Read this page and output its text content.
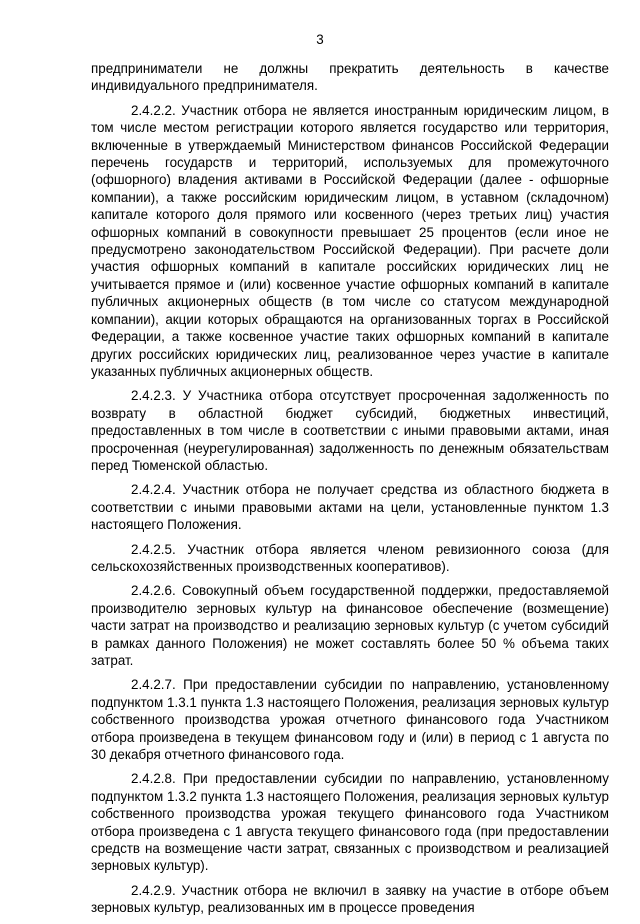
3

предприниматели не должны прекратить деятельность в качестве индивидуального предпринимателя.

2.4.2.2. Участник отбора не является иностранным юридическим лицом, в том числе местом регистрации которого является государство или территория, включенные в утверждаемый Министерством финансов Российской Федерации перечень государств и территорий, используемых для промежуточного (офшорного) владения активами в Российской Федерации (далее - офшорные компании), а также российским юридическим лицом, в уставном (складочном) капитале которого доля прямого или косвенного (через третьих лиц) участия офшорных компаний в совокупности превышает 25 процентов (если иное не предусмотрено законодательством Российской Федерации). При расчете доли участия офшорных компаний в капитале российских юридических лиц не учитывается прямое и (или) косвенное участие офшорных компаний в капитале публичных акционерных обществ (в том числе со статусом международной компании), акции которых обращаются на организованных торгах в Российской Федерации, а также косвенное участие таких офшорных компаний в капитале других российских юридических лиц, реализованное через участие в капитале указанных публичных акционерных обществ.

2.4.2.3. У Участника отбора отсутствует просроченная задолженность по возврату в областной бюджет субсидий, бюджетных инвестиций, предоставленных в том числе в соответствии с иными правовыми актами, иная просроченная (неурегулированная) задолженность по денежным обязательствам перед Тюменской областью.

2.4.2.4. Участник отбора не получает средства из областного бюджета в соответствии с иными правовыми актами на цели, установленные пунктом 1.3 настоящего Положения.

2.4.2.5. Участник отбора является членом ревизионного союза (для сельскохозяйственных производственных кооперативов).

2.4.2.6. Совокупный объем государственной поддержки, предоставляемой производителю зерновых культур на финансовое обеспечение (возмещение) части затрат на производство и реализацию зерновых культур (с учетом субсидий в рамках данного Положения) не может составлять более 50 % объема таких затрат.

2.4.2.7. При предоставлении субсидии по направлению, установленному подпунктом 1.3.1 пункта 1.3 настоящего Положения, реализация зерновых культур собственного производства урожая отчетного финансового года Участником отбора произведена в текущем финансовом году и (или) в период с 1 августа по 30 декабря отчетного финансового года.

2.4.2.8. При предоставлении субсидии по направлению, установленному подпунктом 1.3.2 пункта 1.3 настоящего Положения, реализация зерновых культур собственного производства урожая текущего финансового года Участником отбора произведена с 1 августа текущего финансового года (при предоставлении средств на возмещение части затрат, связанных с производством и реализацией зерновых культур).

2.4.2.9. Участник отбора не включил в заявку на участие в отборе объем зерновых культур, реализованных им в процессе проведения
